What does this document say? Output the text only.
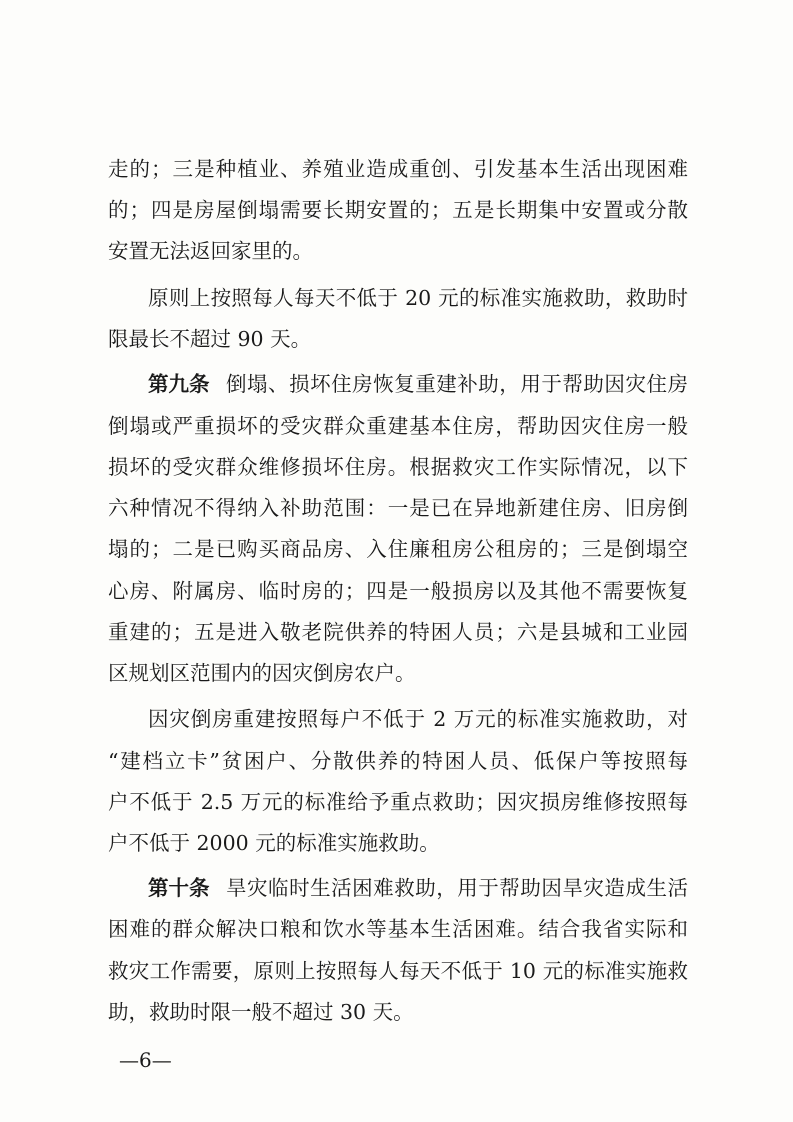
走的；三是种植业、养殖业造成重创、引发基本生活出现困难
的；四是房屋倒塌需要长期安置的；五是长期集中安置或分散
安置无法返回家里的。
原则上按照每人每天不低于 20 元的标准实施救助，救助时
限最长不超过 90 天。
第九条 倒塌、损坏住房恢复重建补助，用于帮助因灾住房
倒塌或严重损坏的受灾群众重建基本住房，帮助因灾住房一般
损坏的受灾群众维修损坏住房。根据救灾工作实际情况，以下
六种情况不得纳入补助范围：一是已在异地新建住房、旧房倒
塌的；二是已购买商品房、入住廉租房公租房的；三是倒塌空
心房、附属房、临时房的；四是一般损房以及其他不需要恢复
重建的；五是进入敬老院供养的特困人员；六是县城和工业园
区规划区范围内的因灾倒房农户。
因灾倒房重建按照每户不低于 2 万元的标准实施救助，对
“建档立卡”贫困户、分散供养的特困人员、低保户等按照每
户不低于 2.5 万元的标准给予重点救助；因灾损房维修按照每
户不低于 2000 元的标准实施救助。
第十条 旱灾临时生活困难救助，用于帮助因旱灾造成生活
困难的群众解决口粮和饮水等基本生活困难。结合我省实际和
救灾工作需要，原则上按照每人每天不低于 10 元的标准实施救
助，救助时限一般不超过 30 天。
—6—
